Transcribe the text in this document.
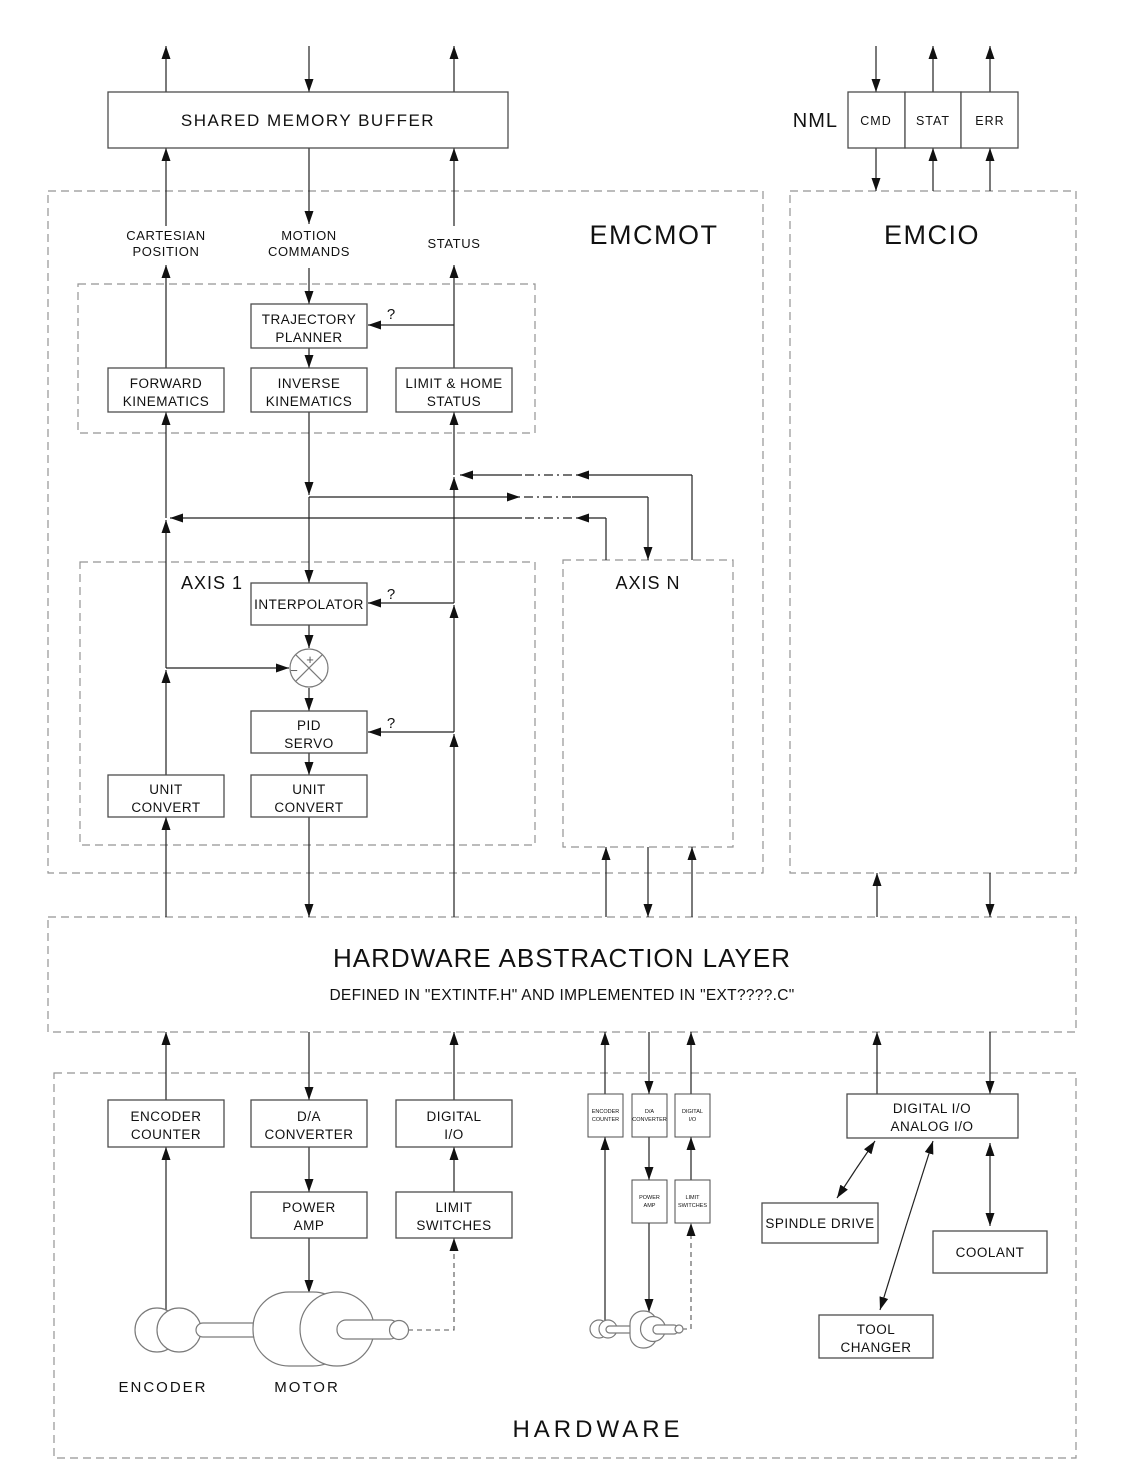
SHARED MEMORY BUFFER	NML CMD STAT ERR
CARTESIAN
POSITION
MOTION
COMMANDS
STATUS	EMCMOT	EMCIO
TRAJECTORY
PLANNER
?
FORWARD
KINEMATICS
INVERSE
KINEMATICS
LIMIT & HOME
STATUS
AXIS 1
INTERPOLATOR
?
+
−
PID
SERVO
?
UNIT
CONVERT
UNIT
CONVERT
AXIS N
HARDWARE ABSTRACTION LAYER
DEFINED IN "EXTINTF.H" AND IMPLEMENTED IN "EXT????.C"
ENCODER
COUNTER
D/A
CONVERTER
DIGITAL
I/O
POWER
AMP
LIMIT
SWITCHES
ENCODER	MOTOR
ENCODER
COUNTER
D/A
CONVERTER
DIGITAL
I/O
POWER
AMP
LIMIT
SWITCHES
DIGITAL I/O
ANALOG I/O
SPINDLE DRIVE
COOLANT
TOOL
CHANGER
HARDWARE
